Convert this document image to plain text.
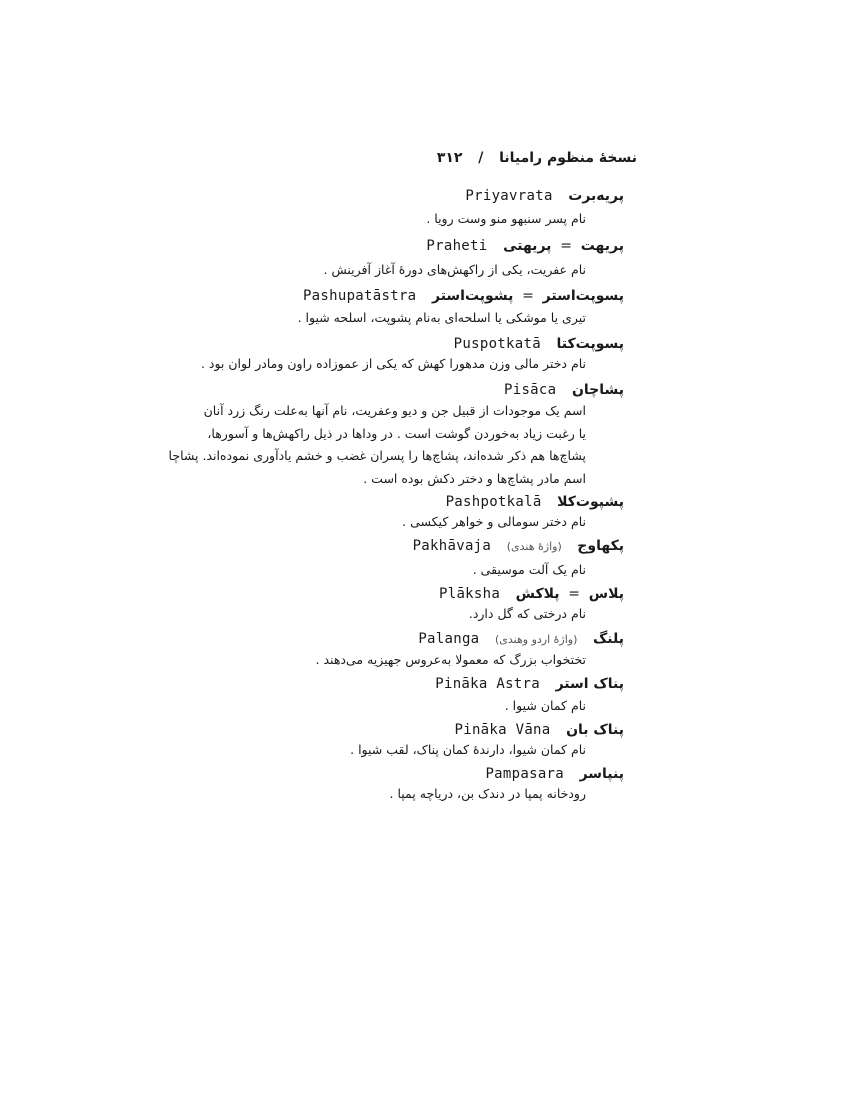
نسخهٔ منظوم رامیانا  /  ۳۱۲
پریه‌برت  Priyavrata
نام پسر سنبهو منو وست رویا .
پریهت = پریهتی  Praheti
نام عفریت، یکی از راکهش‌های دورهٔ آغاز آفرینش .
پسوپت‌استر = پشوپت‌استر  Pashupatāstra
تیری یا موشکی یا اسلحه‌ای به‌نام پشوپت، اسلحه شیوا .
پسوپت‌کتا  Puspotkatā
نام دختر مالی وزن مدهورا کهش که یکی از عموزاده راون ومادر لوان بود .
پشاچان  Pisāca
اسم یک موجودات از قبیل جن و دیو وعفریت، نام آنها به‌علت رنگ زرد آنان
یا رغبت زیاد به‌خوردن گوشت است . در وداها در ذیل راکهش‌ها و آسورها،
پشاچ‌ها هم ذکر شده‌اند، پشاچ‌ها را پسران غضب و خشم یادآوری نموده‌اند. پشاچا
اسم مادر پشاچ‌ها و دختر دکش بوده است .
پشپوت‌کلا  Pashpotkalā
نام دختر سومالی و خواهر کیکسی .
پکهاوج  (واژهٔ هندی)  Pakhāvaja
نام یک آلت موسیقی .
پلاس = پلاکش  Plāksha
نام درختی که گل دارد.
پلنگ  (واژهٔ اردو وهندی)  Palanga
تختخواب بزرگ که معمولا به‌عروس جهیزیه می‌دهند .
پناک استر  Pināka Astra
نام کمان شیوا .
پناک بان  Pināka Vāna
نام کمان شیوا، دارندهٔ کمان پناک، لقب شیوا .
پنپاسر  Pampasara
رودخانه پمپا در دندک بن، دریاچه پمپا .
